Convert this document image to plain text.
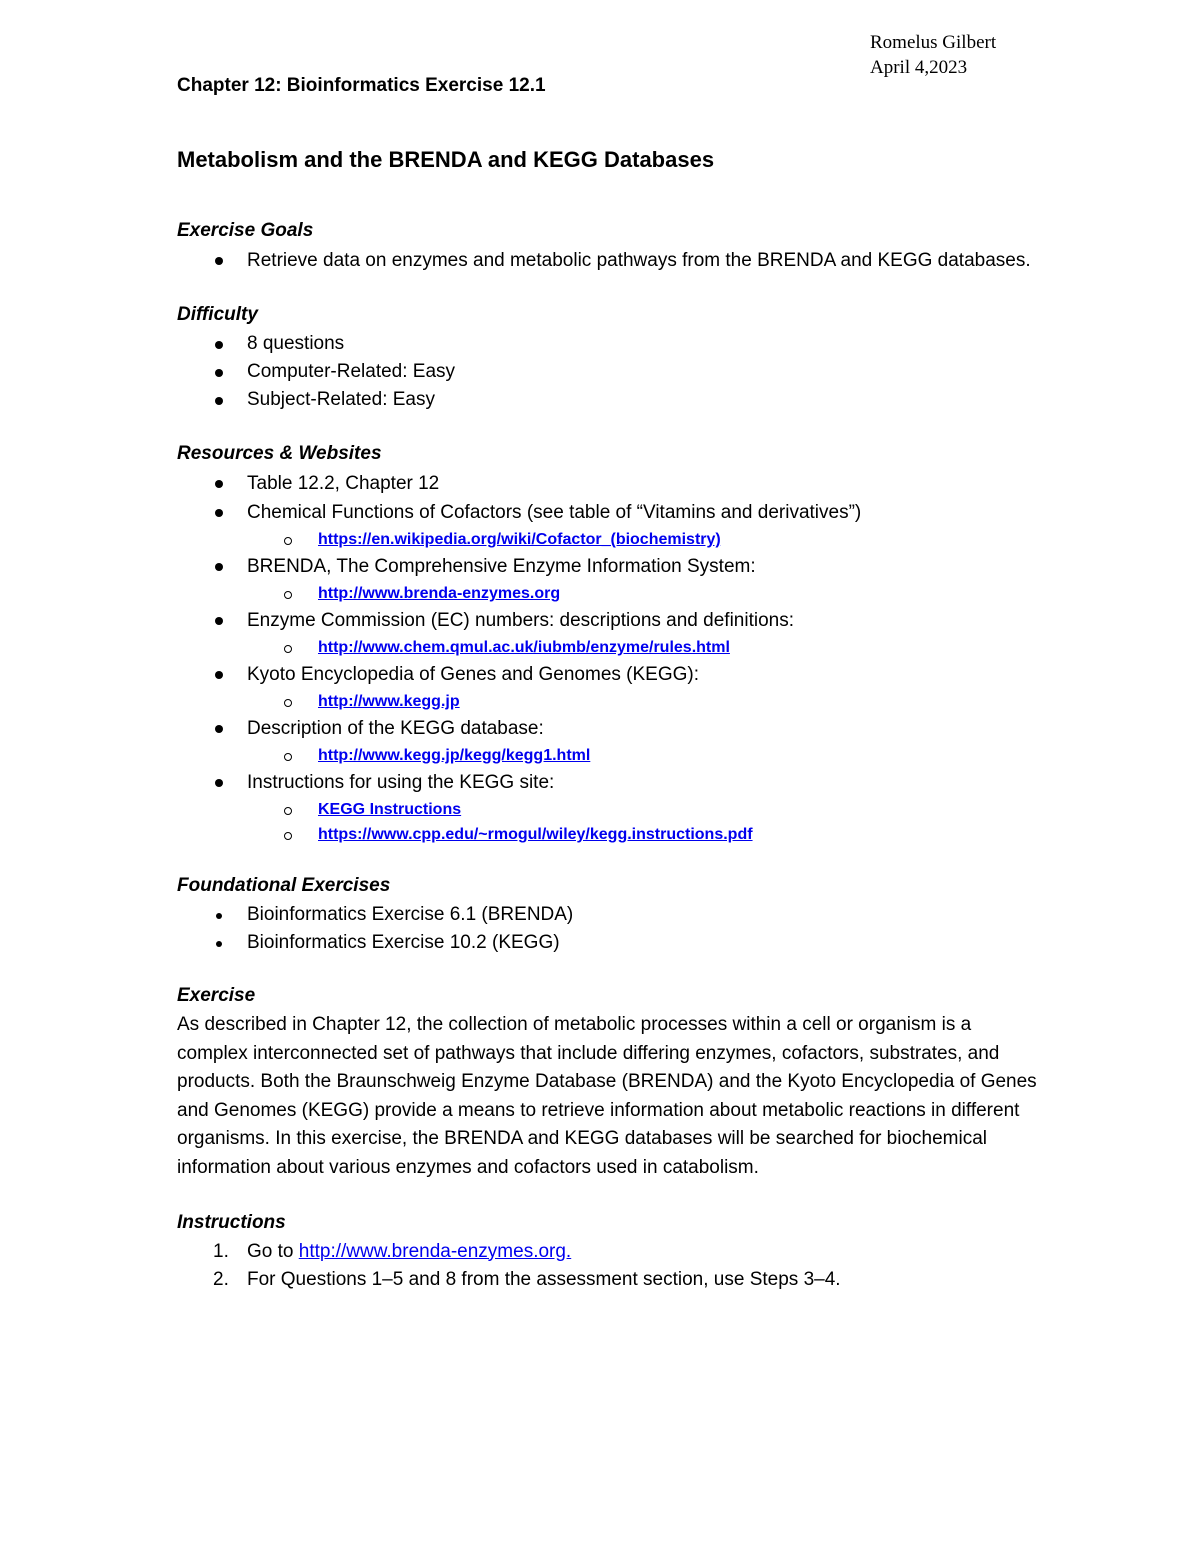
Romelus Gilbert
April 4,2023

Chapter 12: Bioinformatics Exercise 12.1

Metabolism and the BRENDA and KEGG Databases

Exercise Goals

Retrieve data on enzymes and metabolic pathways from the BRENDA and KEGG databases.

Difficulty

8 questions
Computer-Related: Easy
Subject-Related: Easy

Resources & Websites

Table 12.2, Chapter 12
Chemical Functions of Cofactors (see table of “Vitamins and derivatives”)
https://en.wikipedia.org/wiki/Cofactor_(biochemistry)
BRENDA, The Comprehensive Enzyme Information System:
http://www.brenda-enzymes.org
Enzyme Commission (EC) numbers: descriptions and definitions:
http://www.chem.qmul.ac.uk/iubmb/enzyme/rules.html
Kyoto Encyclopedia of Genes and Genomes (KEGG):
http://www.kegg.jp
Description of the KEGG database:
http://www.kegg.jp/kegg/kegg1.html
Instructions for using the KEGG site:
KEGG Instructions
https://www.cpp.edu/~rmogul/wiley/kegg.instructions.pdf

Foundational Exercises

Bioinformatics Exercise 6.1 (BRENDA)
Bioinformatics Exercise 10.2 (KEGG)

Exercise

As described in Chapter 12, the collection of metabolic processes within a cell or organism is a complex interconnected set of pathways that include differing enzymes, cofactors, substrates, and products. Both the Braunschweig Enzyme Database (BRENDA) and the Kyoto Encyclopedia of Genes and Genomes (KEGG) provide a means to retrieve information about metabolic reactions in different organisms. In this exercise, the BRENDA and KEGG databases will be searched for biochemical information about various enzymes and cofactors used in catabolism.

Instructions

1. Go to http://www.brenda-enzymes.org.
2. For Questions 1–5 and 8 from the assessment section, use Steps 3–4.
